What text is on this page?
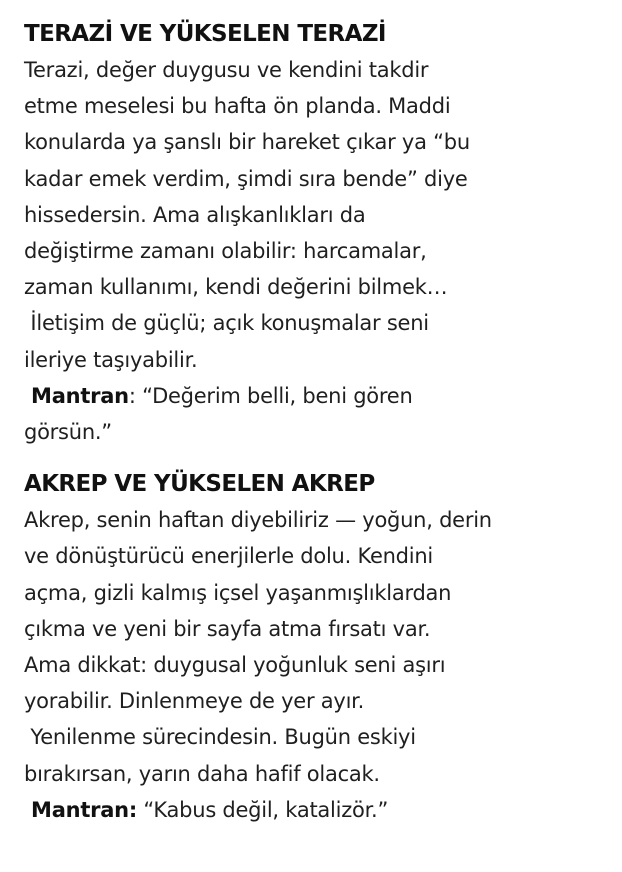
TERAZİ VE YÜKSELEN TERAZİ
Terazi, değer duygusu ve kendini takdir
etme meselesi bu hafta ön planda. Maddi
konularda ya şanslı bir hareket çıkar ya “bu
kadar emek verdim, şimdi sıra bende” diye
hissedersin. Ama alışkanlıkları da
değiştirme zamanı olabilir: harcamalar,
zaman kullanımı, kendi değerini bilmek…
İletişim de güçlü; açık konuşmalar seni
ileriye taşıyabilir.
Mantran: “Değerim belli, beni gören
görsün.”
AKREP VE YÜKSELEN AKREP
Akrep, senin haftan diyebiliriz — yoğun, derin
ve dönüştürücü enerjilerle dolu. Kendini
açma, gizli kalmış içsel yaşanmışlıklardan
çıkma ve yeni bir sayfa atma fırsatı var.
Ama dikkat: duygusal yoğunluk seni aşırı
yorabilir. Dinlenmeye de yer ayır.
Yenilenme sürecindesin. Bugün eskiyi
bırakırsan, yarın daha hafif olacak.
Mantran: “Kabus değil, katalizör.”
